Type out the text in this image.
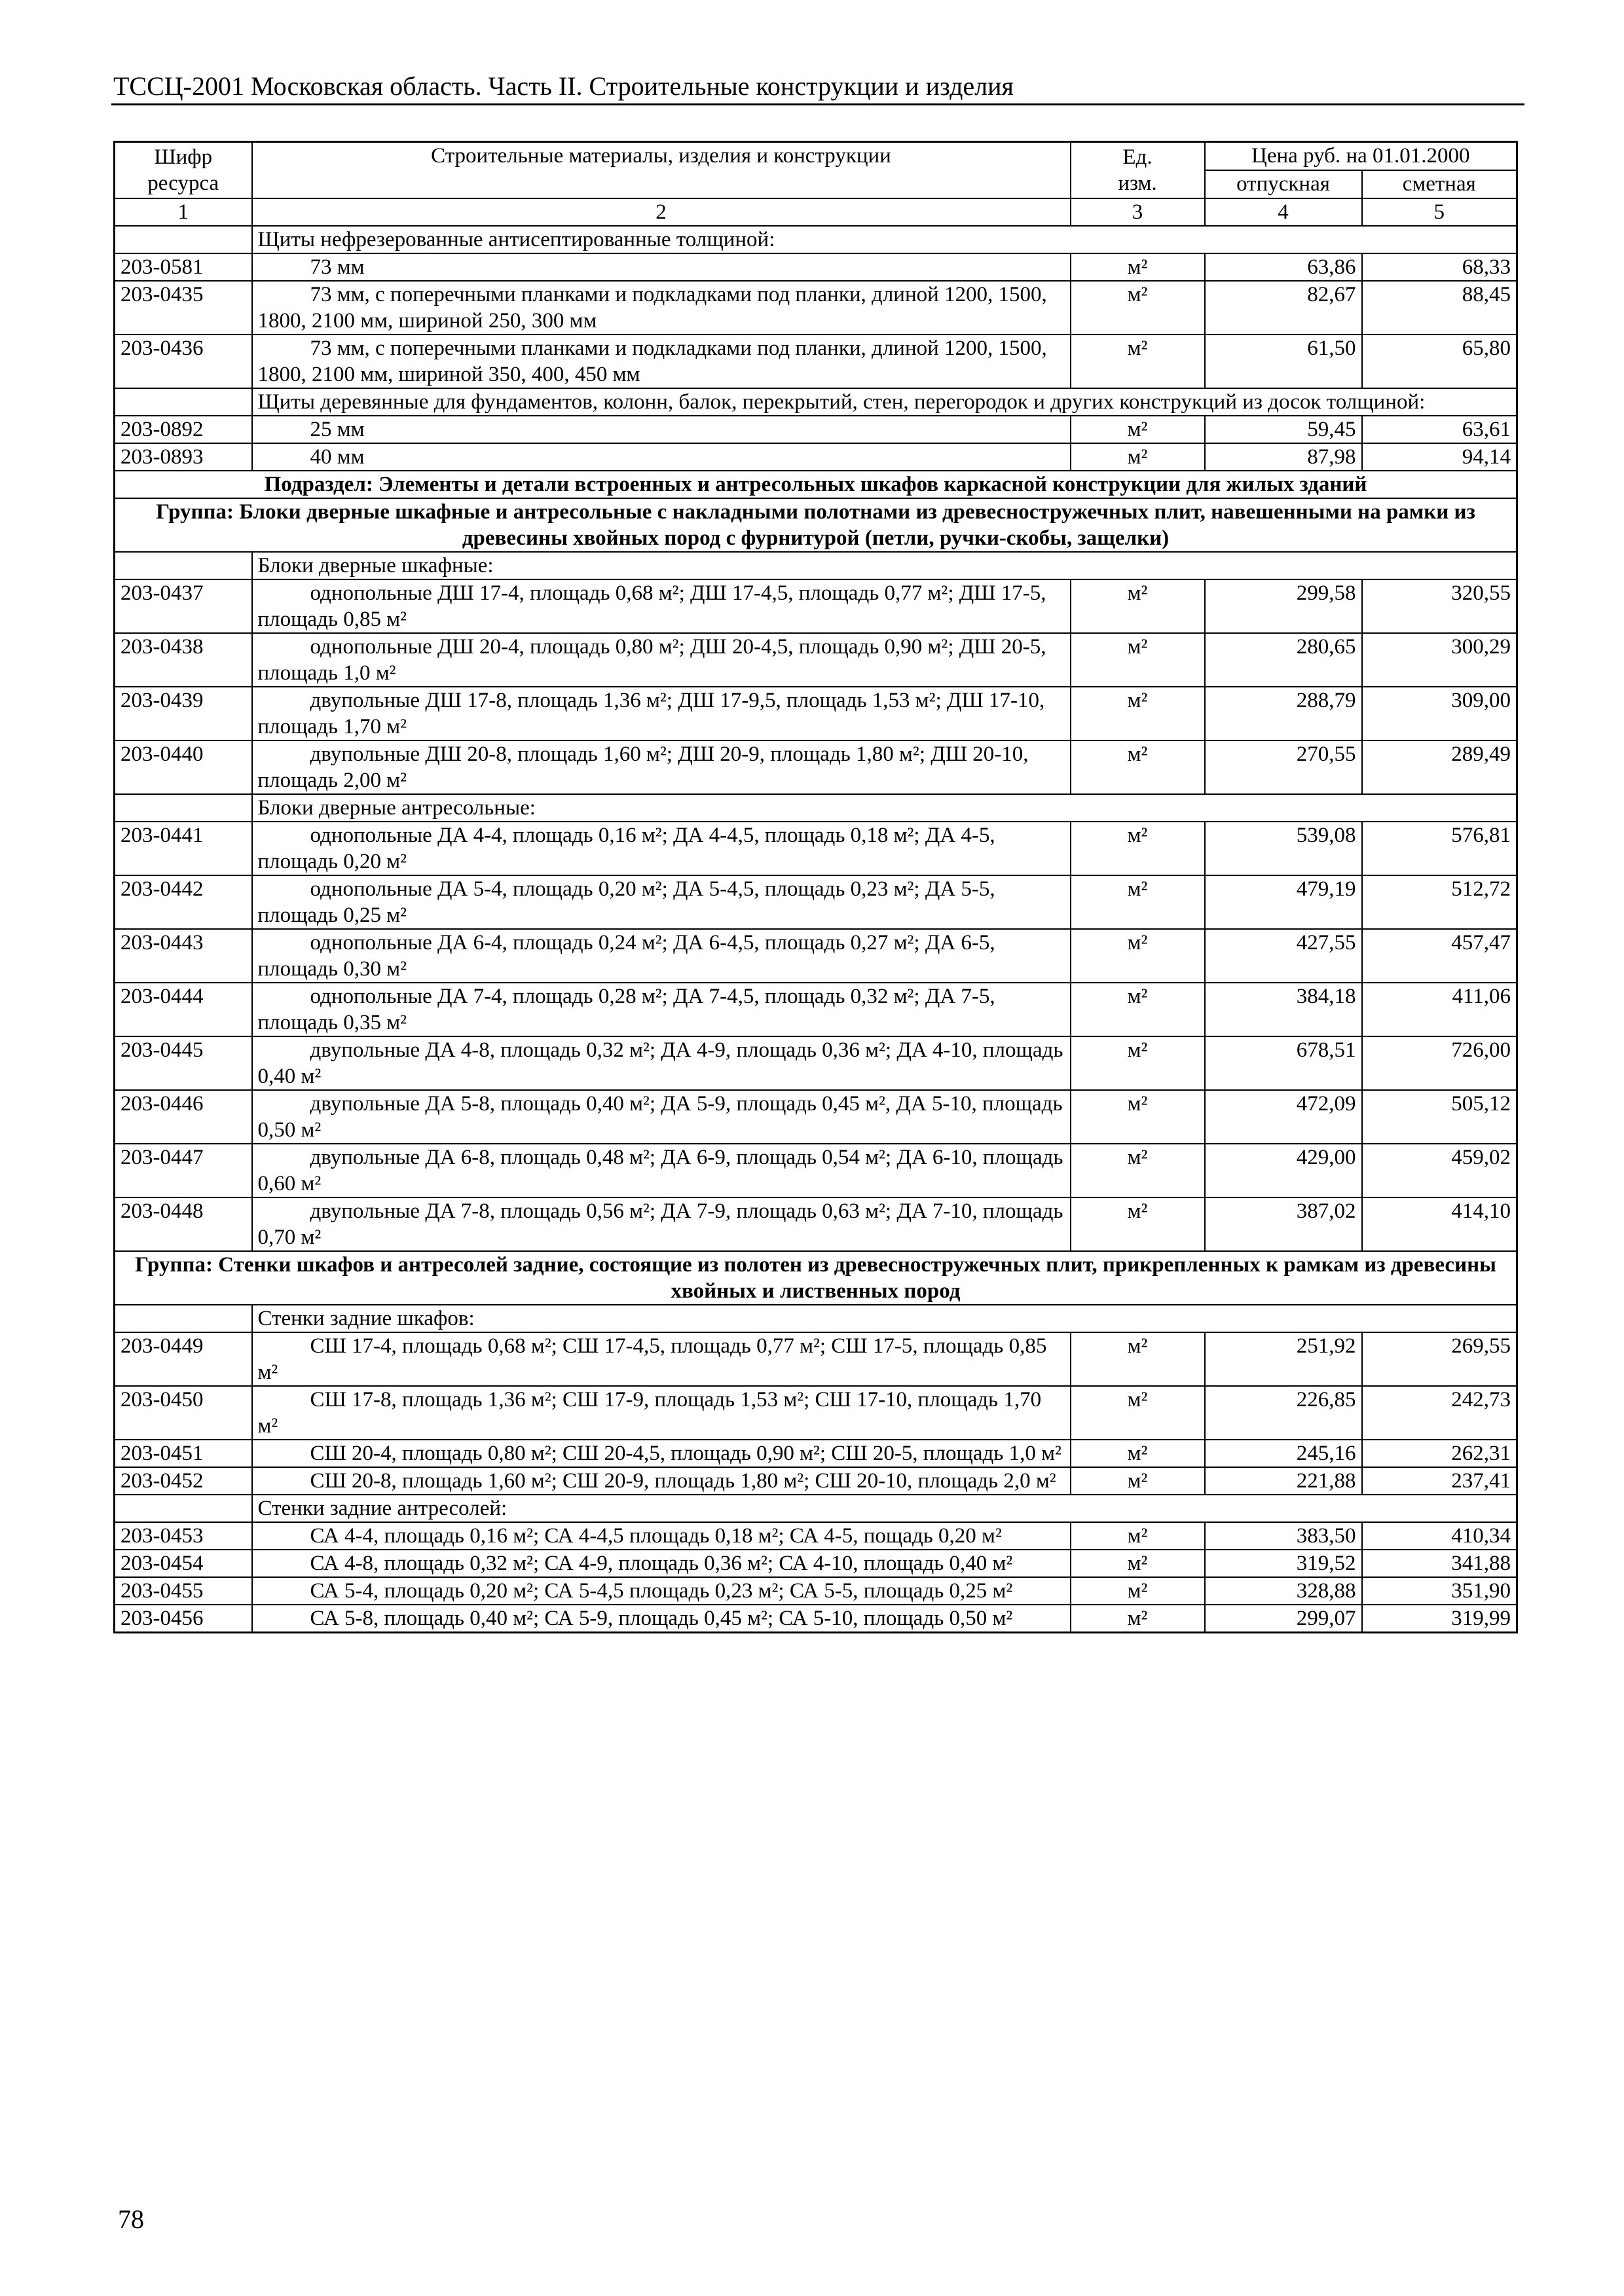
ТССЦ-2001 Московская область. Часть II. Строительные конструкции и изделия
Шифр ресурса	Строительные материалы, изделия и конструкции	Ед. изм.	Цена руб. на 01.01.2000	
			отпускная	сметная
1	2	3	4	5
	Щиты нефрезерованные антисептированные толщиной:			
203-0581	73 мм	м²	63,86	68,33
203-0435	73 мм, с поперечными планками и подкладками под планки, длиной 1200, 1500, 1800, 2100 мм, шириной 250, 300 мм	м²	82,67	88,45
203-0436	73 мм, с поперечными планками и подкладками под планки, длиной 1200, 1500, 1800, 2100 мм, шириной 350, 400, 450 мм	м²	61,50	65,80
	Щиты деревянные для фундаментов, колонн, балок, перекрытий, стен, перегородок и других конструкций из досок толщиной:			
203-0892	25 мм	м²	59,45	63,61
203-0893	40 мм	м²	87,98	94,14
Подраздел: Элементы и детали встроенных и антресольных шкафов каркасной конструкции для жилых зданий				
Группа: Блоки дверные шкафные и антресольные с накладными полотнами из древесностружечных плит, навешенными на рамки из древесины хвойных пород с фурнитурой (петли, ручки-скобы, защелки)				
	Блоки дверные шкафные:			
203-0437	однопольные ДШ 17-4, площадь 0,68 м²; ДШ 17-4,5, площадь 0,77 м²; ДШ 17-5, площадь 0,85 м²	м²	299,58	320,55
203-0438	однопольные ДШ 20-4, площадь 0,80 м²; ДШ 20-4,5, площадь 0,90 м²; ДШ 20-5, площадь 1,0 м²	м²	280,65	300,29
203-0439	двупольные ДШ 17-8, площадь 1,36 м²; ДШ 17-9,5, площадь 1,53 м²; ДШ 17-10, площадь 1,70 м²	м²	288,79	309,00
203-0440	двупольные ДШ 20-8, площадь 1,60 м²; ДШ 20-9, площадь 1,80 м²; ДШ 20-10, площадь 2,00 м²	м²	270,55	289,49
	Блоки дверные антресольные:			
203-0441	однопольные ДА 4-4, площадь 0,16 м²; ДА 4-4,5, площадь 0,18 м²; ДА 4-5, площадь 0,20 м²	м²	539,08	576,81
203-0442	однопольные ДА 5-4, площадь 0,20 м²; ДА 5-4,5, площадь 0,23 м²; ДА 5-5, площадь 0,25 м²	м²	479,19	512,72
203-0443	однопольные ДА 6-4, площадь 0,24 м²; ДА 6-4,5, площадь 0,27 м²; ДА 6-5, площадь 0,30 м²	м²	427,55	457,47
203-0444	однопольные ДА 7-4, площадь 0,28 м²; ДА 7-4,5, площадь 0,32 м²; ДА 7-5, площадь 0,35 м²	м²	384,18	411,06
203-0445	двупольные ДА 4-8, площадь 0,32 м²; ДА 4-9, площадь 0,36 м²; ДА 4-10, площадь 0,40 м²	м²	678,51	726,00
203-0446	двупольные ДА 5-8, площадь 0,40 м²; ДА 5-9, площадь 0,45 м², ДА 5-10, площадь 0,50 м²	м²	472,09	505,12
203-0447	двупольные ДА 6-8, площадь 0,48 м²; ДА 6-9, площадь 0,54 м²; ДА 6-10, площадь 0,60 м²	м²	429,00	459,02
203-0448	двупольные ДА 7-8, площадь 0,56 м²; ДА 7-9, площадь 0,63 м²; ДА 7-10, площадь 0,70 м²	м²	387,02	414,10
Группа: Стенки шкафов и антресолей задние, состоящие из полотен из древесностружечных плит, прикрепленных к рамкам из древесины хвойных и лиственных пород				
	Стенки задние шкафов:			
203-0449	СШ 17-4, площадь 0,68 м²; СШ 17-4,5, площадь 0,77 м²; СШ 17-5, площадь 0,85 м²	м²	251,92	269,55
203-0450	СШ 17-8, площадь 1,36 м²; СШ 17-9, площадь 1,53 м²; СШ 17-10, площадь 1,70 м²	м²	226,85	242,73
203-0451	СШ 20-4, площадь 0,80 м²; СШ 20-4,5, площадь 0,90 м²; СШ 20-5, площадь 1,0 м²	м²	245,16	262,31
203-0452	СШ 20-8, площадь 1,60 м²; СШ 20-9, площадь 1,80 м²; СШ 20-10, площадь 2,0 м²	м²	221,88	237,41
	Стенки задние антресолей:			
203-0453	СА 4-4, площадь 0,16 м²; СА 4-4,5 площадь 0,18 м²; СА 4-5, пощадь 0,20 м²	м²	383,50	410,34
203-0454	СА 4-8, площадь 0,32 м²; СА 4-9, площадь 0,36 м²; СА 4-10, площадь 0,40 м²	м²	319,52	341,88
203-0455	СА 5-4, площадь 0,20 м²; СА 5-4,5 площадь 0,23 м²; СА 5-5, площадь 0,25 м²	м²	328,88	351,90
203-0456	СА 5-8, площадь 0,40 м²; СА 5-9, площадь 0,45 м²; СА 5-10, площадь 0,50 м²	м²	299,07	319,99
78
